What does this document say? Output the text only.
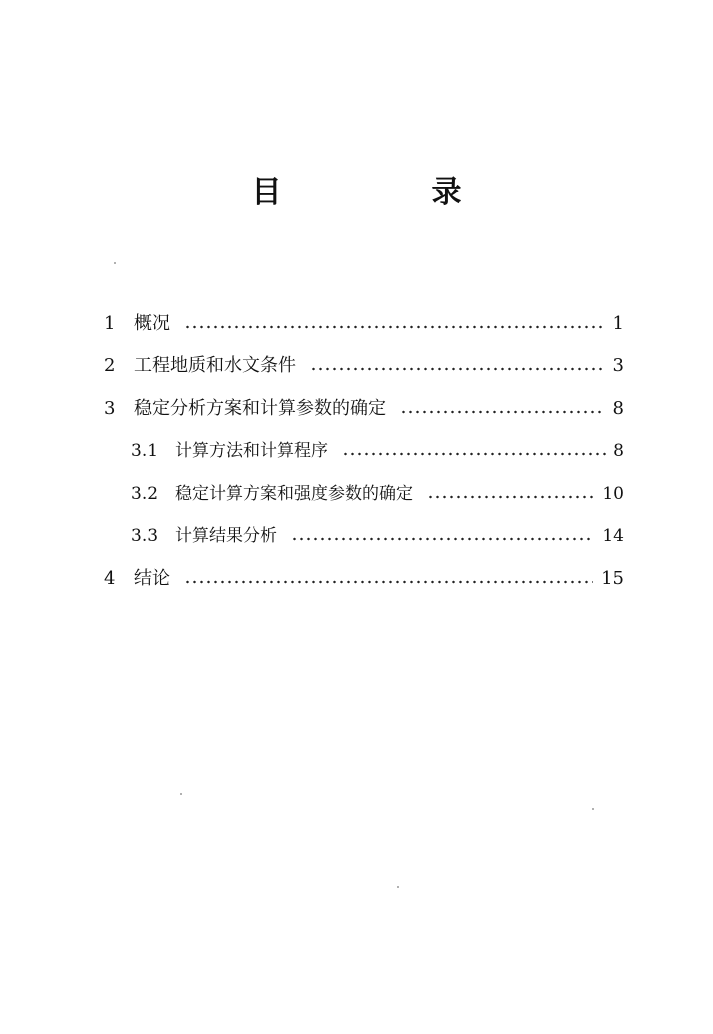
目　录
1	概况	1
2	工程地质和水文条件	3
3	稳定分析方案和计算参数的确定	8
3.1 计算方法和计算程序	8
3.2 稳定计算方案和强度参数的确定	10
3.3 计算结果分析	14
4	结论	15
